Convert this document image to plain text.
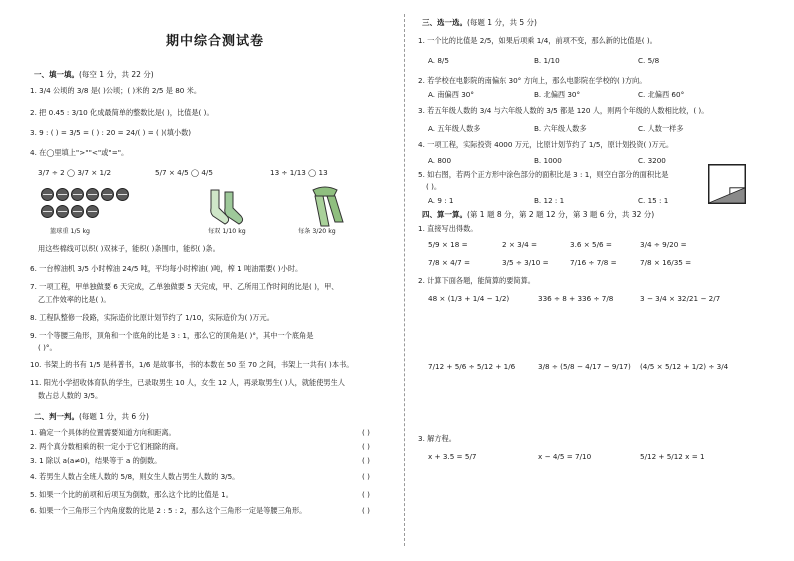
期中综合测试卷
一、填一填。(每空 1 分，共 22 分)
1. 3/4 公顷的 3/8 是( )公顷；( )米的 2/5 是 80 米。
2. 把 0.45 : 3/10 化成最简单的整数比是( )，比值是( )。
3. 9 : ( ) = 3/5 = ( ) : 20 = 24/( ) = ( )(填小数)
4. 在◯里填上">""<"或"="。
3/7 ÷ 2 ◯ 3/7 × 1/2	5/7 × 4/5 ◯ 4/5	13 ÷ 1/13 ◯ 13
篮球重 1/5 kg	每双 1/10 kg	每条 3/20 kg
用这些棉线可以织( )双袜子，能织( )条围巾，能织( )条。
6. 一台榨油机 3/5 小时榨油 24/5 吨，平均每小时榨油( )吨，榨 1 吨油需要( )小时。
7. 一项工程，甲单独做要 6 天完成，乙单独做要 5 天完成，甲、乙所用工作时间的比是( )，甲、
乙工作效率的比是( )。
8. 工程队整修一段路，实际造价比原计划节约了 1/10，实际造价为( )万元。
9. 一个等腰三角形，顶角和一个底角的比是 3 : 1，那么它的顶角是( )°，其中一个底角是
( )°。
10. 书架上的书有 1/5 是科普书，1/6 是故事书，书的本数在 50 至 70 之间，书架上一共有( )本书。
11. 阳光小学招收体育队的学生，已录取男生 10 人，女生 12 人，再录取男生( )人，就能使男生人
数占总人数的 3/5。
二、判一判。(每题 1 分，共 6 分)
1. 确定一个具体的位置需要知道方向和距离。	( )
2. 两个真分数相乘的积一定小于它们相除的商。	( )
3. 1 除以 a(a≠0)，结果等于 a 的倒数。	( )
4. 若男生人数占全班人数的 5/8，则女生人数占男生人数的 3/5。	( )
5. 如果一个比的前项和后项互为倒数，那么这个比的比值是 1。	( )
6. 如果一个三角形三个内角度数的比是 2 : 5 : 2，那么这个三角形一定是等腰三角形。	( )
三、选一选。(每题 1 分，共 5 分)
1. 一个比的比值是 2/5，如果后项乘 1/4，前项不变，那么新的比值是( )。
A. 8/5	B. 1/10	C. 5/8
2. 若学校在电影院的南偏东 30° 方向上，那么电影院在学校的( )方向。
A. 南偏西 30°	B. 北偏西 30°	C. 北偏西 60°
3. 若五年级人数的 3/4 与六年级人数的 3/5 都是 120 人，则两个年级的人数相比较，( )。
A. 五年级人数多	B. 六年级人数多	C. 人数一样多
4. 一项工程，实际投资 4000 万元，比原计划节约了 1/5，原计划投资( )万元。
A. 800	B. 1000	C. 3200
5. 如右图，若两个正方形中涂色部分的面积比是 3 : 1，则空白部分的面积比是
( )。
A. 9 : 1	B. 12 : 1	C. 15 : 1
四、算一算。(第 1 题 8 分，第 2 题 12 分，第 3 题 6 分，共 32 分)
1. 直接写出得数。
5/9 × 18 =	2 × 3/4 =	3.6 × 5/6 =	3/4 ÷ 9/20 =
7/8 × 4/7 =	3/5 ÷ 3/10 =	7/16 ÷ 7/8 =	7/8 × 16/35 =
2. 计算下面各题，能简算的要简算。
48 × (1/3 + 1/4 − 1/2)	336 ÷ 8 + 336 ÷ 7/8	3 − 3/4 × 32/21 − 2/7
7/12 + 5/6 ÷ 5/12 + 1/6	3/8 ÷ (5/8 − 4/17 − 9/17) (4/5 × 5/12 + 1/2) ÷ 3/4
3. 解方程。
x + 3.5 = 5/7	x − 4/5 = 7/10	5/12 + 5/12 x = 1
